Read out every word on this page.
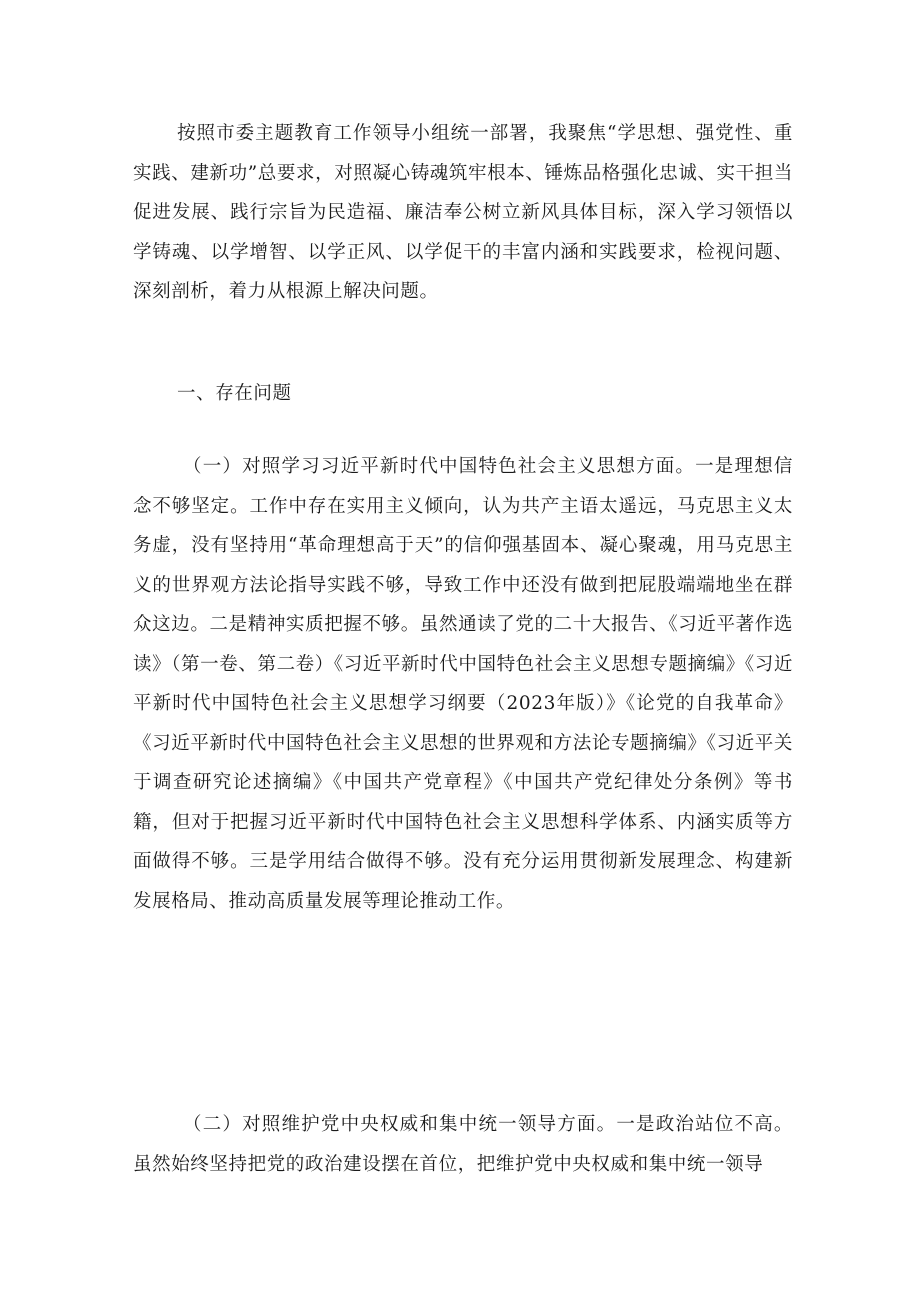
按照市委主题教育工作领导小组统一部署，我聚焦“学思想、强党性、重实践、建新功”总要求，对照凝心铸魂筑牢根本、锤炼品格强化忠诚、实干担当促进发展、践行宗旨为民造福、廉洁奉公树立新风具体目标，深入学习领悟以学铸魂、以学增智、以学正风、以学促干的丰富内涵和实践要求，检视问题、深刻剖析，着力从根源上解决问题。

一、存在问题

（一）对照学习习近平新时代中国特色社会主义思想方面。一是理想信念不够坚定。工作中存在实用主义倾向，认为共产主语太遥远，马克思主义太务虚，没有坚持用“革命理想高于天”的信仰强基固本、凝心聚魂，用马克思主义的世界观方法论指导实践不够，导致工作中还没有做到把屁股端端地坐在群众这边。二是精神实质把握不够。虽然通读了党的二十大报告、《习近平著作选读》（第一卷、第二卷）《习近平新时代中国特色社会主义思想专题摘编》《习近平新时代中国特色社会主义思想学习纲要（2023年版）》《论党的自我革命》《习近平新时代中国特色社会主义思想的世界观和方法论专题摘编》《习近平关于调查研究论述摘编》《中国共产党章程》《中国共产党纪律处分条例》等书籍，但对于把握习近平新时代中国特色社会主义思想科学体系、内涵实质等方面做得不够。三是学用结合做得不够。没有充分运用贯彻新发展理念、构建新发展格局、推动高质量发展等理论推动工作。

（二）对照维护党中央权威和集中统一领导方面。一是政治站位不高。虽然始终坚持把党的政治建设摆在首位，把维护党中央权威和集中统一领导
